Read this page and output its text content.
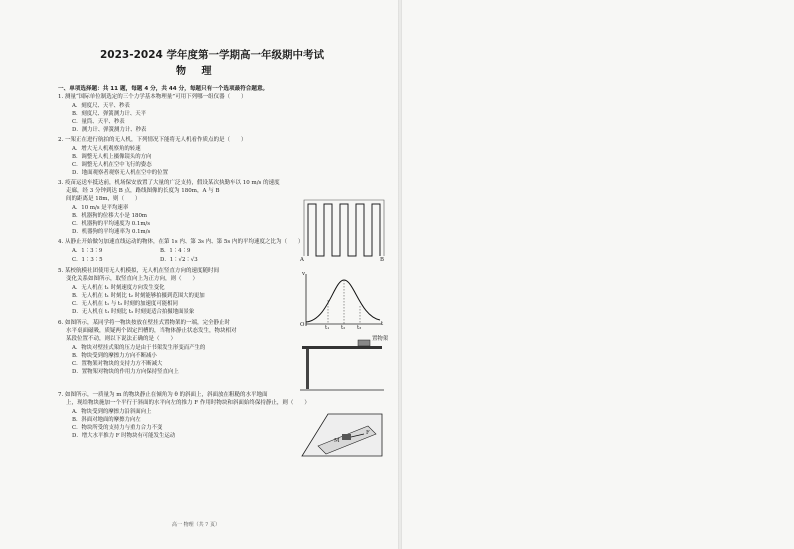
2023-2024 学年度第一学期高一年级期中考试
物 理
一、单项选择题：共 11 题，每题 4 分，共 44 分，每题只有一个选项最符合题意。
1. 测量“国际单位制选定的三个力学基本物理量”可用下列哪一组仪器（　　）
A．刻度尺、天平、秒表
B．刻度尺、弹簧测力计、天平
C．量筒、天平、秒表
D．测力计、弹簧测力计、秒表
2. 一架正在进行航拍的无人机，下列情况下能将无人机看作质点的是（　　）
A．增大无人机观察角的转速
B．调整无人机上摄像镜头的方向
C．调整无人机在空中飞行的姿态
D．地面观察者观察无人机在空中的位置
3. 疫苗运送车抵达前，机场保安放置了大量的广泛支持，假设某次执勤车以 10 m/s 的速度
走廊，经 3 分钟到达 B 点，路线图像的长度为 180m，A 与 B
间的距离是 18m，则（　　）
A．10 m/s 是平均速率
B．机器狗的位移大小是 180m
C．机器狗的平均速度为 0.1m/s
D．机器狗的平均速率为 0.1m/s
A	B
4. 从静止开始做匀加速直线运动的物体，在第 1s 内、第 3s 内、第 5s 内的平均速度之比为（　　）
A．1∶3∶9	B．1∶4∶9
C．1∶3∶5	D．1∶√2∶√3
5. 某校航模社团使用无人机模拟，无人机在竖直方向的速度随时间
变化关系如图所示，取竖直向上为正方向，则（　　）
A．无人机在 t₁ 时刻速度方向发生变化
B．无人机在 t₁ 时刻比 t₂ 时刻能够拍摄到范围大的更加
C．无人机在 t₁ 与 t₂ 时刻的加速度可能相同
D．无人机在 t₁ 时刻比 t₂ 时刻更适合拍摄地面景象
v
t
O	t₁ t₂ t₃
6. 如图所示，某同学将一物块按放在壁挂式置物架的一端，完全静止时
水平桌面磁吸，质疑两个固定凹槽的，当物体静止状态发生，物块相对
某段位置不动，则以下说法正确的是（　　）
A．物块对壁挂式架的压力是由于书架发生形变而产生的
B．物块受到的摩擦力方向不断减小
C．置物架对物块的支持力方不断减大
D．置物架对物块的作用力方向保持竖直向上
置物架
7. 如图所示，一质量为 m 的物块静止在倾角为 θ 的斜面上，斜面放在粗糙的水平地面
上，现给物块施加一个平行于斜面的水平向左的推力 F 作用时物块和斜面始终保持静止，则（　　）
A．物块受到的摩擦力沿斜面向上
B．斜面对地面的摩擦力向左
C．物块所受的支持力与重力合力不变
D．增大水平推力 F 时物块有可能发生运动
M
F
高一 物理（共 7 页）
